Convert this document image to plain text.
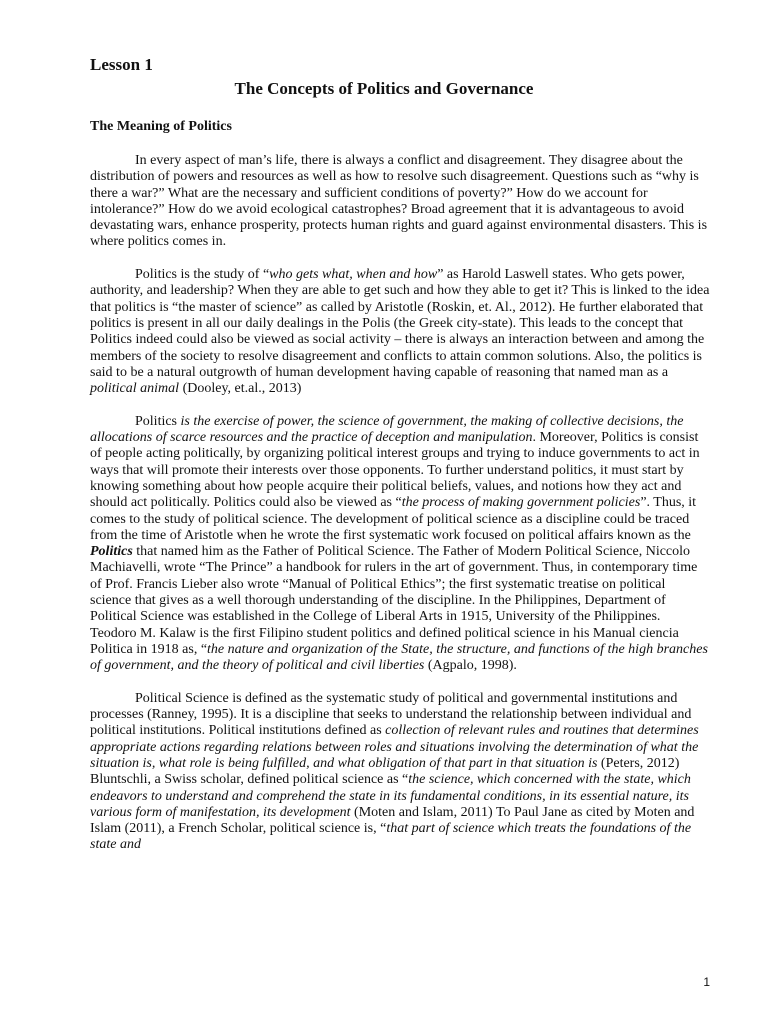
Lesson 1
The Concepts of Politics and Governance
The Meaning of Politics

In every aspect of man’s life, there is always a conflict and disagreement. They disagree about the distribution of powers and resources as well as how to resolve such disagreement. Questions such as “why is there a war?” What are the necessary and sufficient conditions of poverty?” How do we account for intolerance?” How do we avoid ecological catastrophes? Broad agreement that it is advantageous to avoid devastating wars, enhance prosperity, protects human rights and guard against environmental disasters. This is where politics comes in.

Politics is the study of “who gets what, when and how” as Harold Laswell states. Who gets power, authority, and leadership? When they are able to get such and how they able to get it? This is linked to the idea that politics is “the master of science” as called by Aristotle (Roskin, et. Al., 2012). He further elaborated that politics is present in all our daily dealings in the Polis (the Greek city-state). This leads to the concept that Politics indeed could also be viewed as social activity – there is always an interaction between and among the members of the society to resolve disagreement and conflicts to attain common solutions. Also, the politics is said to be a natural outgrowth of human development having capable of reasoning that named man as a political animal (Dooley, et.al., 2013)

Politics is the exercise of power, the science of government, the making of collective decisions, the allocations of scarce resources and the practice of deception and manipulation. Moreover, Politics is consist of people acting politically, by organizing political interest groups and trying to induce governments to act in ways that will promote their interests over those opponents. To further understand politics, it must start by knowing something about how people acquire their political beliefs, values, and notions how they act and should act politically. Politics could also be viewed as “the process of making government policies”. Thus, it comes to the study of political science. The development of political science as a discipline could be traced from the time of Aristotle when he wrote the first systematic work focused on political affairs known as the Politics that named him as the Father of Political Science. The Father of Modern Political Science, Niccolo Machiavelli, wrote “The Prince” a handbook for rulers in the art of government. Thus, in contemporary time of Prof. Francis Lieber also wrote “Manual of Political Ethics”; the first systematic treatise on political science that gives as a well thorough understanding of the discipline. In the Philippines, Department of Political Science was established in the College of Liberal Arts in 1915, University of the Philippines. Teodoro M. Kalaw is the first Filipino student politics and defined political science in his Manual ciencia Politica in 1918 as, “the nature and organization of the State, the structure, and functions of the high branches of government, and the theory of political and civil liberties (Agpalo, 1998).

Political Science is defined as the systematic study of political and governmental institutions and processes (Ranney, 1995). It is a discipline that seeks to understand the relationship between individual and political institutions. Political institutions defined as collection of relevant rules and routines that determines appropriate actions regarding relations between roles and situations involving the determination of what the situation is, what role is being fulfilled, and what obligation of that part in that situation is (Peters, 2012) Bluntschli, a Swiss scholar, defined political science as “the science, which concerned with the state, which endeavors to understand and comprehend the state in its fundamental conditions, in its essential nature, its various form of manifestation, its development (Moten and Islam, 2011) To Paul Jane as cited by Moten and Islam (2011), a French Scholar, political science is, “that part of science which treats the foundations of the state and

1
